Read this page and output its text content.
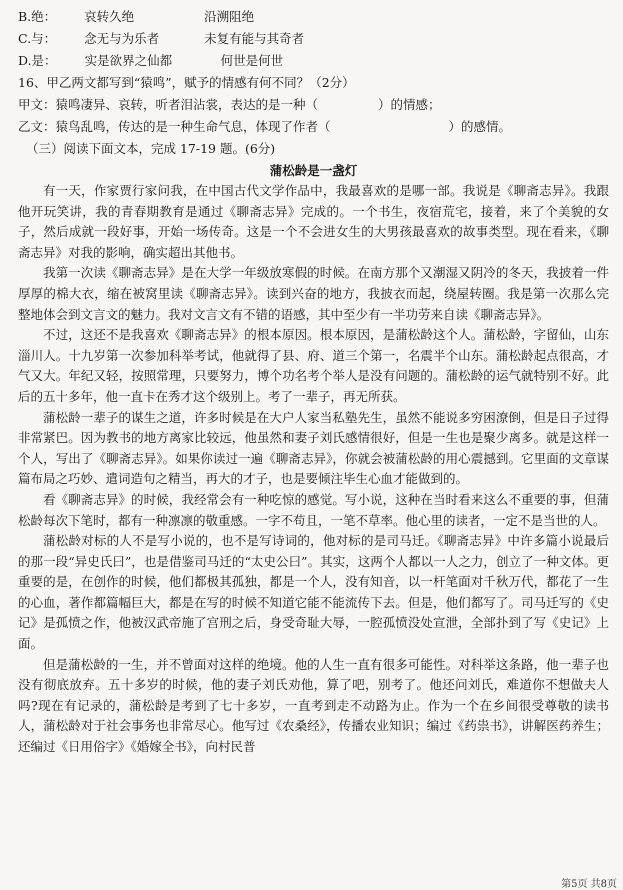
B.绝： 哀转久绝	沿溯阻绝
C.与： 念无与为乐者	未复有能与其奇者
D.是： 实是欲界之仙都	何世是何世
16、甲乙两文都写到“猿鸣”，赋予的情感有何不同？（2分）
甲文：猿鸣凄异、哀转，听者泪沾裳，表达的是一种（	）的情感；
乙文：猿鸟乱鸣，传达的是一种生命气息，体现了作者（	）的感情。
（三）阅读下面文本，完成 17-19 题。(6分)
蒲松龄是一盏灯

有一天，作家贾行家问我，在中国古代文学作品中，我最喜欢的是哪一部。我说是《聊斋志异》。我跟他开玩笑讲，我的青春期教育是通过《聊斋志异》完成的。一个书生，夜宿荒宅，接着，来了个美貌的女子，然后成就一段好事，开始一场传奇。这是一个不会进女生的大男孩最喜欢的故事类型。现在看来，《聊斋志异》对我的影响，确实超出其他书。

我第一次读《聊斋志异》是在大学一年级放寒假的时候。在南方那个又潮湿又阴冷的冬天，我披着一件厚厚的棉大衣，缩在被窝里读《聊斋志异》。读到兴奋的地方，我披衣而起，绕屋转圈。我是第一次那么完整地体会到文言文的魅力。我对文言文有不错的语感，其中至少有一半功劳来自读《聊斋志异》。

不过，这还不是我喜欢《聊斋志异》的根本原因。根本原因，是蒲松龄这个人。蒲松龄，字留仙，山东淄川人。十九岁第一次参加科举考试，他就得了县、府、道三个第一，名震半个山东。蒲松龄起点很高，才气又大。年纪又轻，按照常理，只要努力，博个功名考个举人是没有问题的。蒲松龄的运气就特别不好。此后的五十多年，他一直卡在秀才这个级别上。考了一辈子，再无所获。

蒲松龄一辈子的谋生之道，许多时候是在大户人家当私塾先生，虽然不能说多穷困潦倒，但是日子过得非常紧巴。因为教书的地方离家比较远，他虽然和妻子刘氏感情很好，但是一生也是聚少离多。就是这样一个人，写出了《聊斋志异》。如果你读过一遍《聊斋志异》，你就会被蒲松龄的用心震撼到。它里面的文章谋篇布局之巧妙、遣词造句之精当，再大的才子，也是要倾注毕生心血才能做到的。

看《聊斋志异》的时候，我经常会有一种吃惊的感觉。写小说，这种在当时看来这么不重要的事，但蒲松龄每次下笔时，都有一种凛凛的敬重感。一字不苟且，一笔不草率。他心里的读者，一定不是当世的人。

蒲松龄对标的人不是写小说的，也不是写诗词的，他对标的是司马迁。《聊斋志异》中许多篇小说最后的那一段“异史氏曰”，也是借鉴司马迁的“太史公曰”。其实，这两个人都以一人之力，创立了一种文体。更重要的是，在创作的时候，他们都极其孤独，都是一个人，没有知音，以一杆笔面对千秋万代，都花了一生的心血，著作都篇幅巨大，都是在写的时候不知道它能不能流传下去。但是，他们都写了。司马迁写的《史记》是孤愤之作，他被汉武帝施了宫刑之后，身受奇耻大辱，一腔孤愤没处宣泄，全部扑到了写《史记》上面。

但是蒲松龄的一生，并不曾面对这样的绝境。他的人生一直有很多可能性。对科举这条路，他一辈子也没有彻底放弃。五十多岁的时候，他的妻子刘氏劝他，算了吧，别考了。他还问刘氏，难道你不想做夫人吗?现在有记录的，蒲松龄是考到了七十多岁，一直考到走不动路为止。作为一个在乡间很受尊敬的读书人，蒲松龄对于社会事务也非常尽心。他写过《农桑经》，传播农业知识；编过《药祟书》，讲解医药养生；还编过《日用俗字》《婚嫁全书》，向村民普

第5页 共8页
